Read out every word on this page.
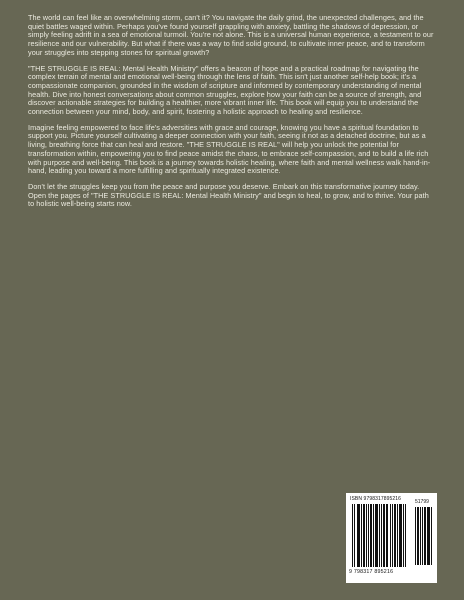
The world can feel like an overwhelming storm, can't it? You navigate the daily grind, the unexpected challenges, and the quiet battles waged within. Perhaps you've found yourself grappling with anxiety, battling the shadows of depression, or simply feeling adrift in a sea of emotional turmoil. You're not alone. This is a universal human experience, a testament to our resilience and our vulnerability. But what if there was a way to find solid ground, to cultivate inner peace, and to transform your struggles into stepping stones for spiritual growth?

"THE STRUGGLE IS REAL: Mental Health Ministry" offers a beacon of hope and a practical roadmap for navigating the complex terrain of mental and emotional well-being through the lens of faith. This isn't just another self-help book; it's a compassionate companion, grounded in the wisdom of scripture and informed by contemporary understanding of mental health. Dive into honest conversations about common struggles, explore how your faith can be a source of strength, and discover actionable strategies for building a healthier, more vibrant inner life. This book will equip you to understand the connection between your mind, body, and spirit, fostering a holistic approach to healing and resilience.

Imagine feeling empowered to face life's adversities with grace and courage, knowing you have a spiritual foundation to support you. Picture yourself cultivating a deeper connection with your faith, seeing it not as a detached doctrine, but as a living, breathing force that can heal and restore. "THE STRUGGLE IS REAL" will help you unlock the potential for transformation within, empowering you to find peace amidst the chaos, to embrace self-compassion, and to build a life rich with purpose and well-being. This book is a journey towards holistic healing, where faith and mental wellness walk hand-in-hand, leading you toward a more fulfilling and spiritually integrated existence.

Don't let the struggles keep you from the peace and purpose you deserve. Embark on this transformative journey today. Open the pages of "THE STRUGGLE IS REAL: Mental Health Ministry" and begin to heal, to grow, and to thrive. Your path to holistic well-being starts now.

ISBN 9798317895216	51799
9 798317 895216
